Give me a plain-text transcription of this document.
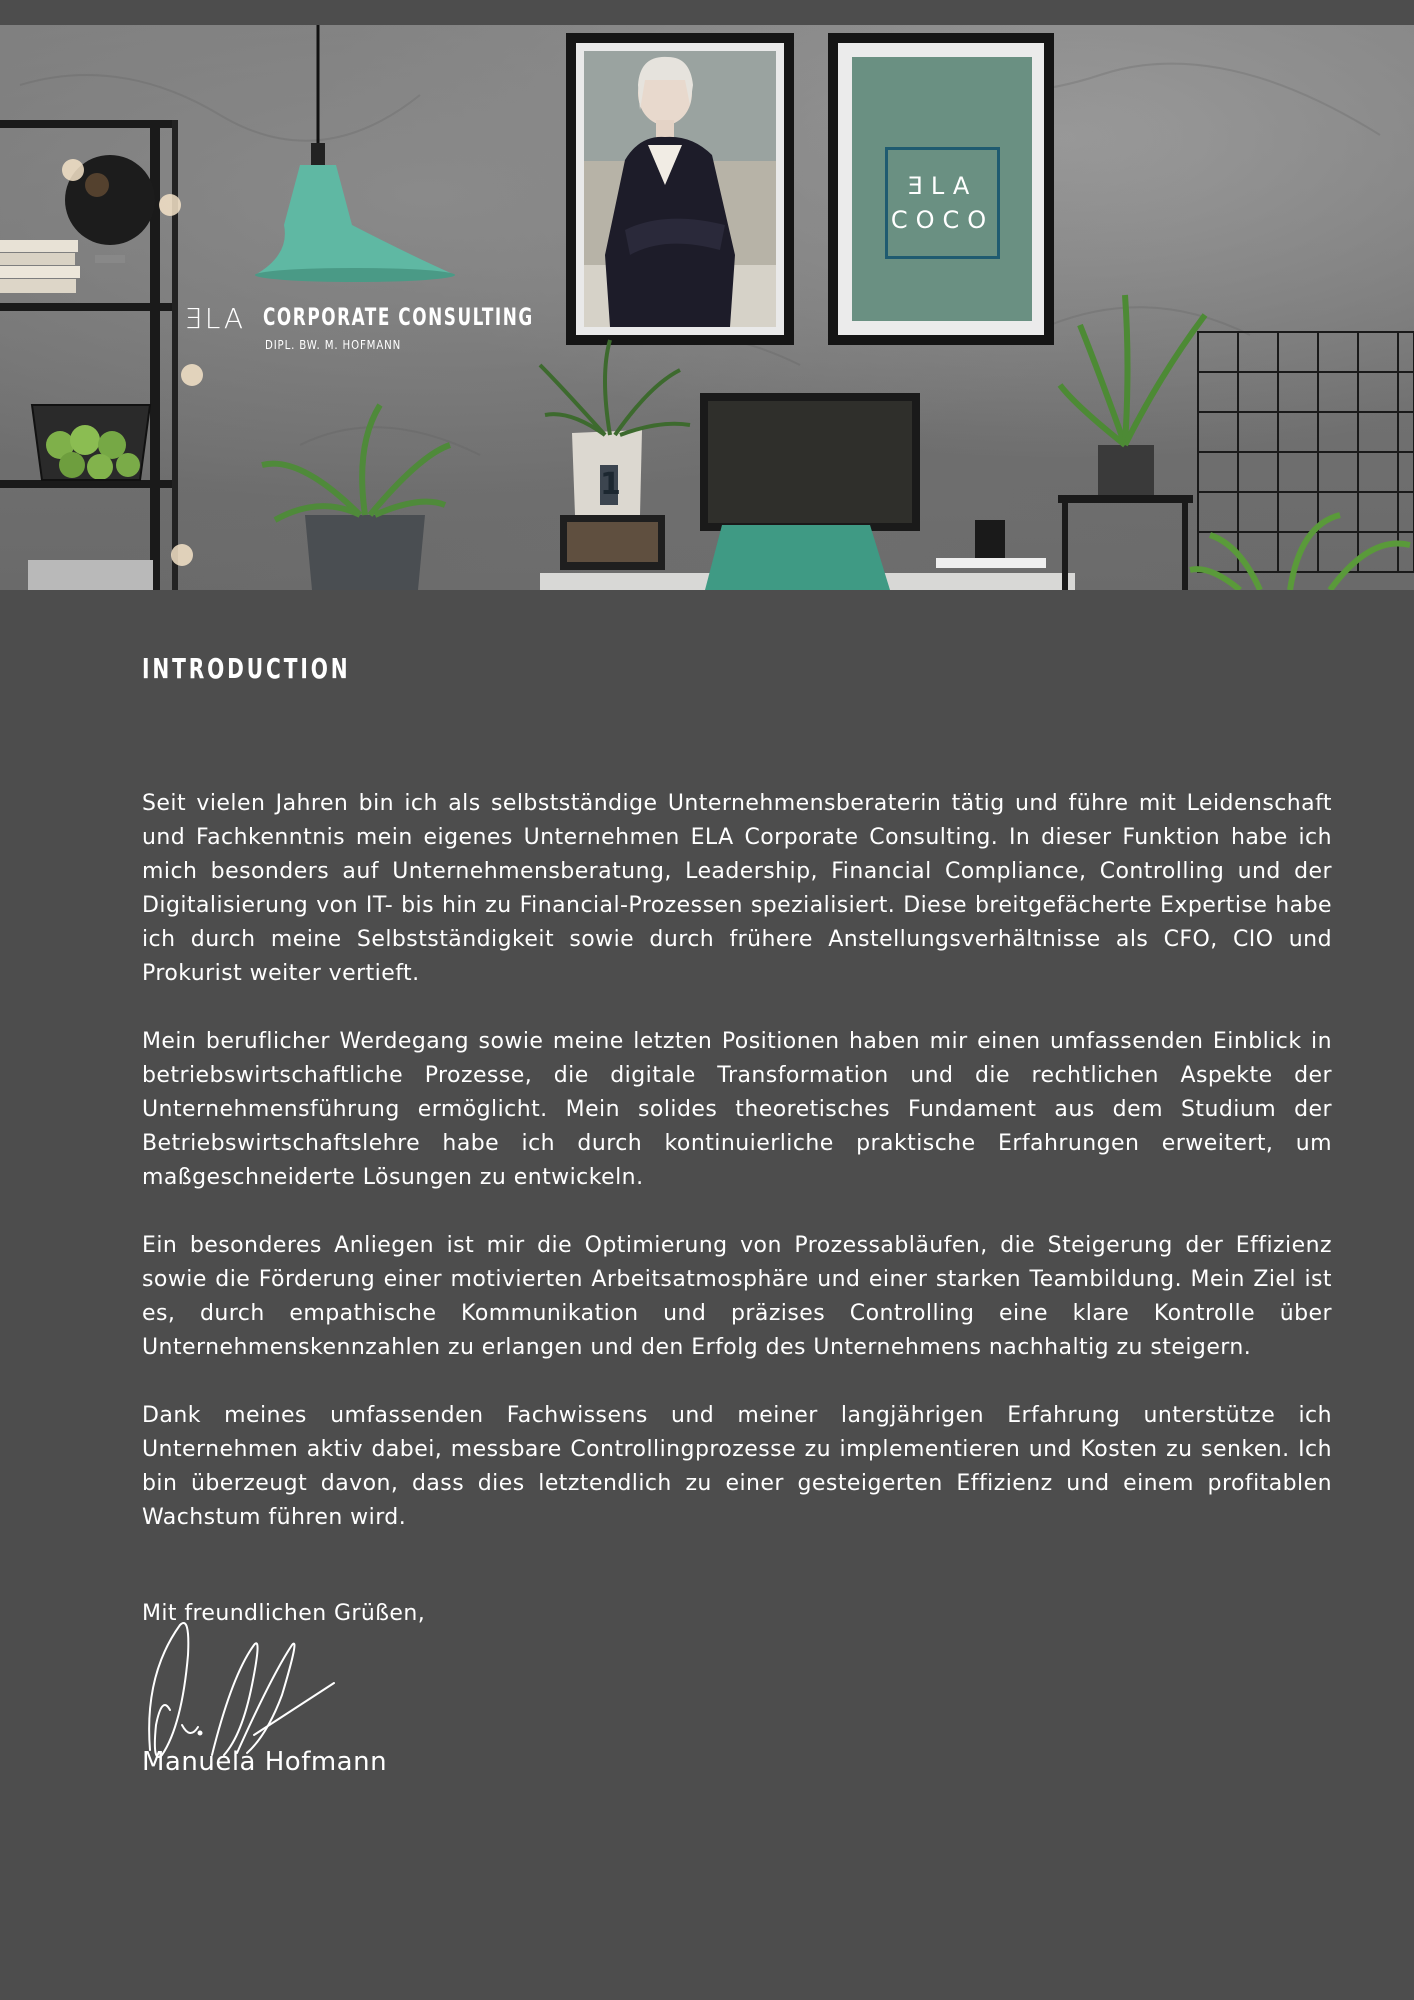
ƎLA CORPORATE CONSULTING
DIPL. BW. M. HOFMANN
ƎLA
COCO
1
INTRODUCTION

Seit vielen Jahren bin ich als selbstständige Unternehmensberaterin tätig und führe mit Leidenschaft und Fachkenntnis mein eigenes Unternehmen ELA Corporate Consulting. In dieser Funktion habe ich mich besonders auf Unternehmensberatung, Leadership, Financial Compliance, Controlling und der Digitalisierung von IT- bis hin zu Financial-Prozessen spezialisiert. Diese breitgefächerte Expertise habe ich durch meine Selbstständigkeit sowie durch frühere Anstellungsverhältnisse als CFO, CIO und Prokurist weiter vertieft.

Mein beruflicher Werdegang sowie meine letzten Positionen haben mir einen umfassenden Einblick in betriebswirtschaftliche Prozesse, die digitale Transformation und die rechtlichen Aspekte der Unternehmensführung ermöglicht. Mein solides theoretisches Fundament aus dem Studium der Betriebswirtschaftslehre habe ich durch kontinuierliche praktische Erfahrungen erweitert, um maßgeschneiderte Lösungen zu entwickeln.

Ein besonderes Anliegen ist mir die Optimierung von Prozessabläufen, die Steigerung der Effizienz sowie die Förderung einer motivierten Arbeitsatmosphäre und einer starken Teambildung. Mein Ziel ist es, durch empathische Kommunikation und präzises Controlling eine klare Kontrolle über Unternehmenskennzahlen zu erlangen und den Erfolg des Unternehmens nachhaltig zu steigern.

Dank meines umfassenden Fachwissens und meiner langjährigen Erfahrung unterstütze ich Unternehmen aktiv dabei, messbare Controllingprozesse zu implementieren und Kosten zu senken. Ich bin überzeugt davon, dass dies letztendlich zu einer gesteigerten Effizienz und einem profitablen Wachstum führen wird.

Mit freundlichen Grüßen,
Manuela Hofmann
